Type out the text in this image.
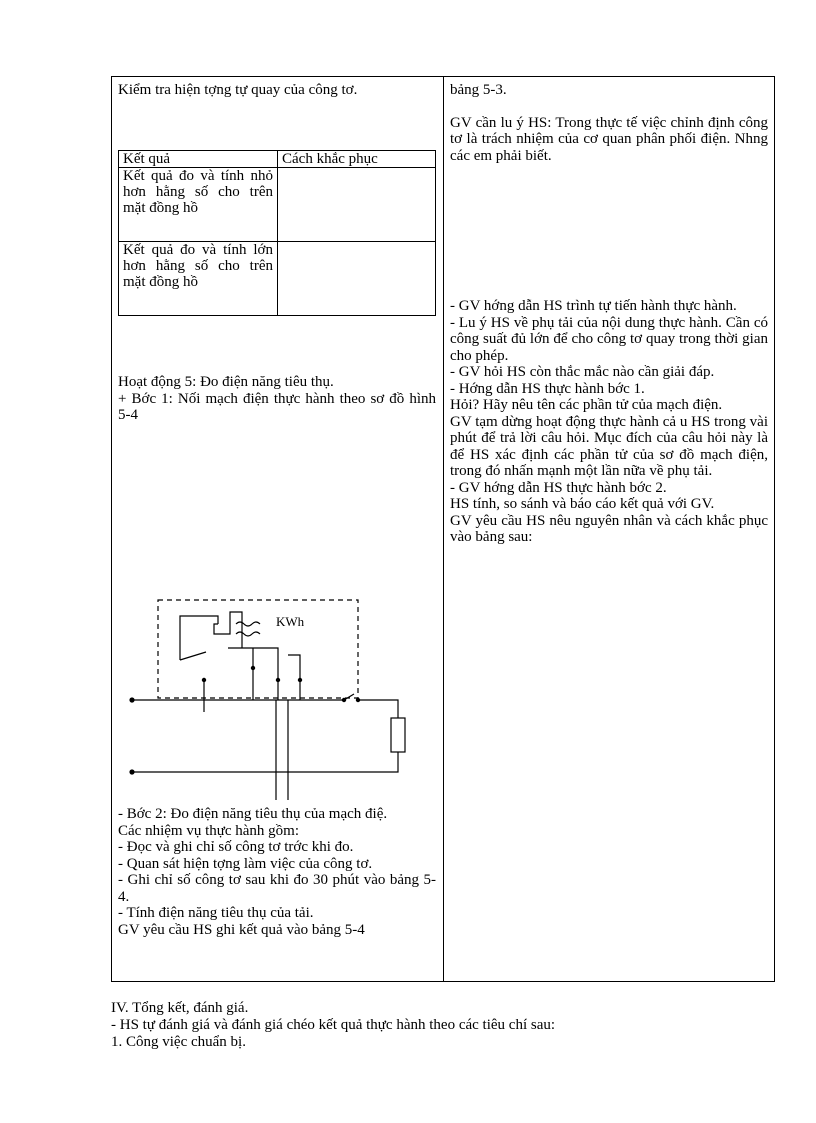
Kiểm tra hiện tợng tự quay của công tơ.
Kết quả	Cách khắc phục
Kết quả đo và tính nhỏ hơn hằng số cho trên mặt đồng hồ	
Kết quả đo và tính lớn hơn hằng số cho trên mặt đồng hồ	

Hoạt động 5: Đo điện năng tiêu thụ.

+ Bớc 1: Nối mạch điện thực hành theo sơ đồ hình 5-4

KWh

- Bớc 2: Đo điện năng tiêu thụ của mạch điệ.

Các nhiệm vụ thực hành gồm:

- Đọc và ghi chỉ số công tơ trớc khi đo.

- Quan sát hiện tợng làm việc của công tơ.

- Ghi chỉ số công tơ sau khi đo 30 phút vào bảng 5-4.

- Tính điện năng tiêu thụ của tải.

GV yêu cầu HS ghi kết quả vào bảng 5-4

bảng 5-3.

GV cần lu ý HS: Trong thực tế việc chỉnh định công tơ là trách nhiệm của cơ quan phân phối điện. Nhng các em phải biết.

- GV hớng dẫn HS trình tự tiến hành thực hành.

- Lu ý HS về phụ tải của nội dung thực hành. Cần có công suất đủ lớn để cho công tơ quay trong thời gian cho phép.

- GV hỏi HS còn thắc mắc nào cần giải đáp.

- Hớng dẫn HS thực hành bớc 1.

Hỏi? Hãy nêu tên các phần tử của mạch điện.

GV tạm dừng hoạt động thực hành cả u HS trong vài phút để trả lời câu hỏi. Mục đích của câu hỏi này là để HS xác định các phần tử của sơ đồ mạch điện, trong đó nhấn mạnh một lần nữa về phụ tải.

- GV hớng dẫn HS thực hành bớc 2.

HS tính, so sánh và báo cáo kết quả với GV.

GV yêu cầu HS nêu nguyên nhân và cách khắc phục vào bảng sau:

IV. Tổng kết, đánh giá.

- HS tự đánh giá và đánh giá chéo kết quả thực hành theo các tiêu chí sau:

1. Công việc chuẩn bị.
